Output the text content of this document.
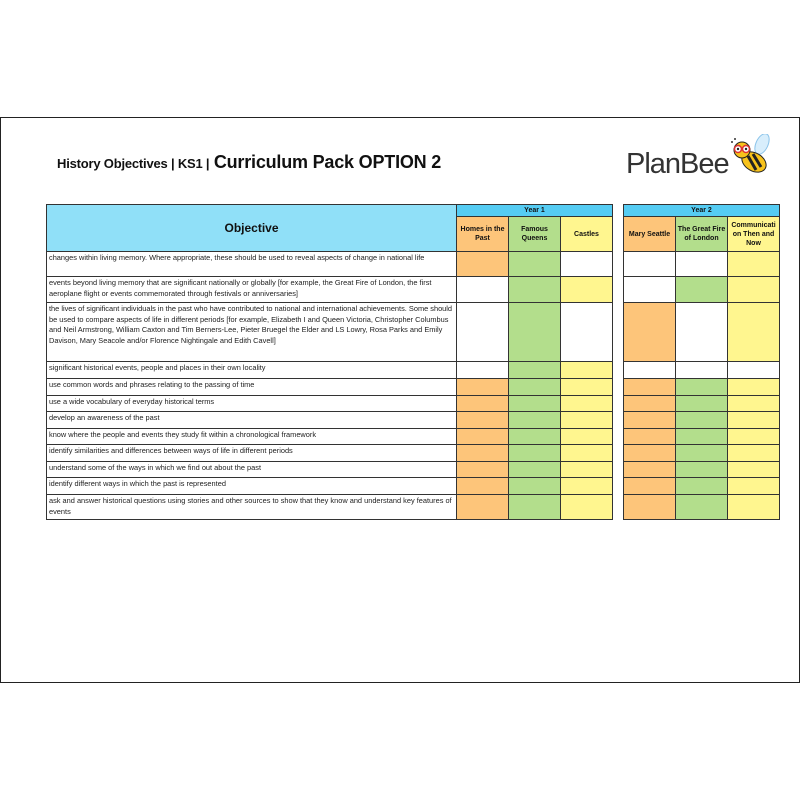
History Objectives | KS1 | Curriculum Pack OPTION 2	PlanBee
Objective
Year 1
Homes in the Past
Famous Queens
Castles
Year 2
Mary Seattle
The Great Fire of London
Communicati on Then and Now
changes within living memory. Where appropriate, these should be used to reveal aspects of change in national life
events beyond living memory that are significant nationally or globally [for example, the Great Fire of London, the first aeroplane flight or events commemorated through festivals or anniversaries]
the lives of significant individuals in the past who have contributed to national and international achievements. Some should be used to compare aspects of life in different periods [for example, Elizabeth I and Queen Victoria, Christopher Columbus and Neil Armstrong, William Caxton and Tim Berners-Lee, Pieter Bruegel the Elder and LS Lowry, Rosa Parks and Emily Davison, Mary Seacole and/or Florence Nightingale and Edith Cavell]
significant historical events, people and places in their own locality
use common words and phrases relating to the passing of time
use a wide vocabulary of everyday historical terms
develop an awareness of the past
know where the people and events they study fit within a chronological framework
identify similarities and differences between ways of life in different periods
understand some of the ways in which we find out about the past
identify different ways in which the past is represented
ask and answer historical questions using stories and other sources to show that they know and understand key features of events
